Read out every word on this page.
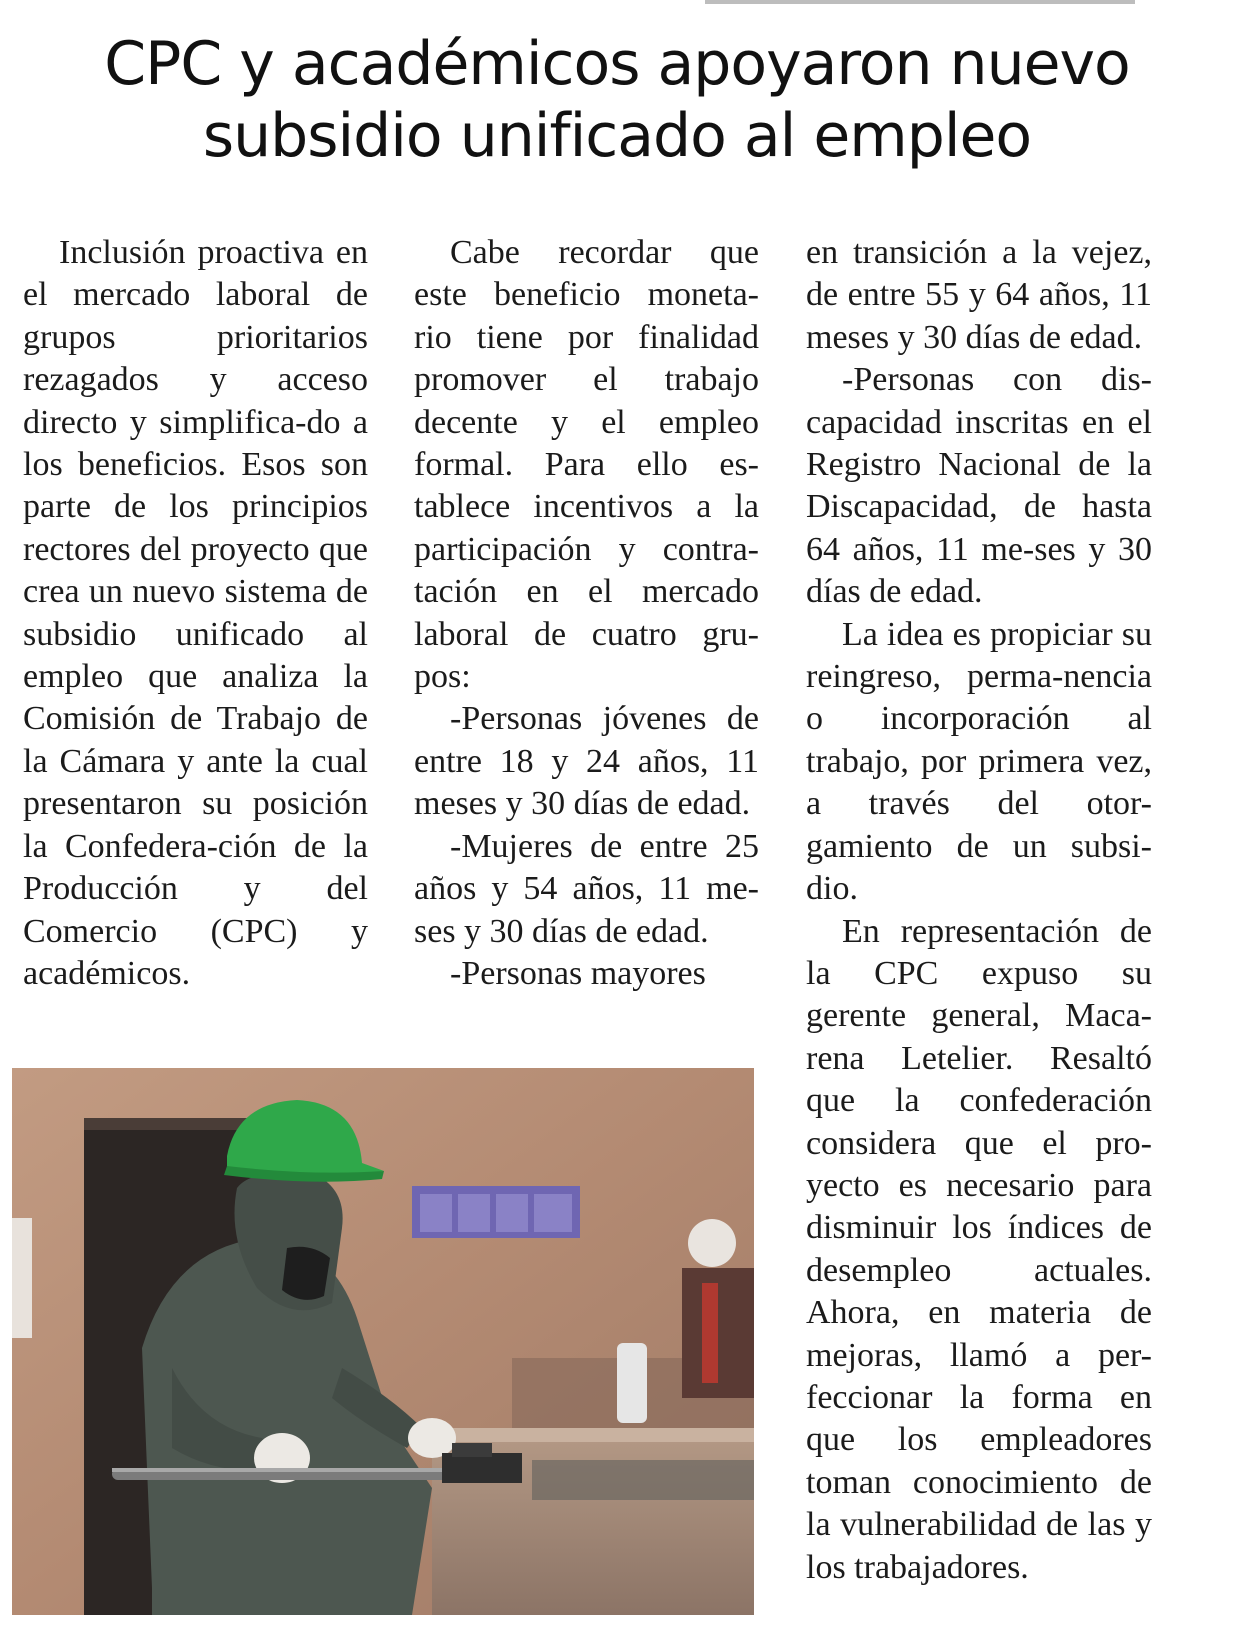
CPC y académicos apoyaron nuevo
subsidio unificado al empleo

Inclusión proactiva en el mercado laboral de grupos prioritarios rezagados y acceso directo y simplifica-do a los beneficios. Esos son parte de los principios rectores del proyecto que crea un nuevo sistema de subsidio unificado al empleo que analiza la Comisión de Trabajo de la Cámara y ante la cual presentaron su posición la Confedera-ción de la Producción y del Comercio (CPC) y académicos.

Cabe recordar que este beneficio moneta-rio tiene por finalidad promover el trabajo decente y el empleo formal. Para ello es-tablece incentivos a la participación y contra-tación en el mercado laboral de cuatro gru-pos:

-Personas jóvenes de entre 18 y 24 años, 11 meses y 30 días de edad.

-Mujeres de entre 25 años y 54 años, 11 me-ses y 30 días de edad.

-Personas mayores

en transición a la vejez, de entre 55 y 64 años, 11 meses y 30 días de edad.

-Personas con dis-capacidad inscritas en el Registro Nacional de la Discapacidad, de hasta 64 años, 11 me-ses y 30 días de edad.

La idea es propiciar su reingreso, perma-nencia o incorporación al trabajo, por primera vez, a través del otor-gamiento de un subsi-dio.

En representación de la CPC expuso su gerente general, Maca-rena Letelier. Resaltó que la confederación considera que el pro-yecto es necesario para disminuir los índices de desempleo actuales. Ahora, en materia de mejoras, llamó a per-feccionar la forma en que los empleadores toman conocimiento de la vulnerabilidad de las y los trabajadores.
